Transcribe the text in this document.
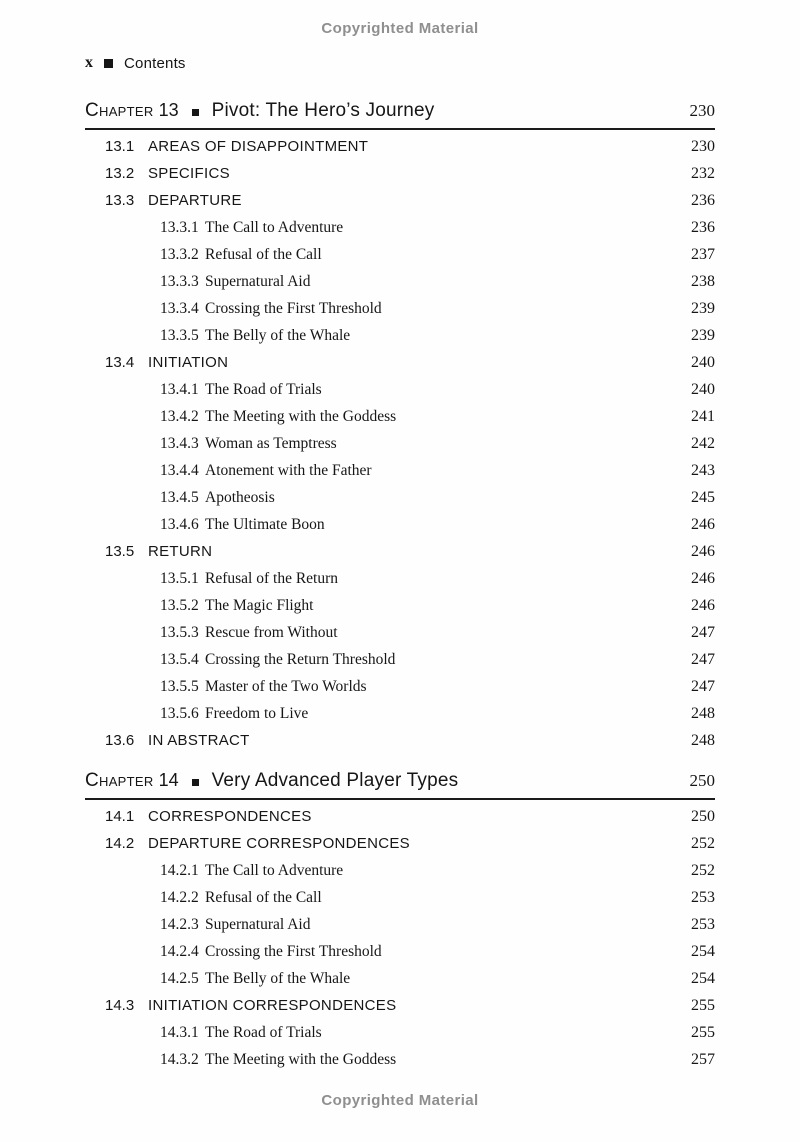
Copyrighted Material
x Contents
Chapter 13 Pivot: The Hero’s Journey	230
13.1 AREAS OF DISAPPOINTMENT	230
13.2 SPECIFICS	232
13.3 DEPARTURE	236
13.3.1 The Call to Adventure	236
13.3.2 Refusal of the Call	237
13.3.3 Supernatural Aid	238
13.3.4 Crossing the First Threshold	239
13.3.5 The Belly of the Whale	239
13.4 INITIATION	240
13.4.1 The Road of Trials	240
13.4.2 The Meeting with the Goddess	241
13.4.3 Woman as Temptress	242
13.4.4 Atonement with the Father	243
13.4.5 Apotheosis	245
13.4.6 The Ultimate Boon	246
13.5 RETURN	246
13.5.1 Refusal of the Return	246
13.5.2 The Magic Flight	246
13.5.3 Rescue from Without	247
13.5.4 Crossing the Return Threshold	247
13.5.5 Master of the Two Worlds	247
13.5.6 Freedom to Live	248
13.6 IN ABSTRACT	248
Chapter 14 Very Advanced Player Types	250
14.1 CORRESPONDENCES	250
14.2 DEPARTURE CORRESPONDENCES	252
14.2.1 The Call to Adventure	252
14.2.2 Refusal of the Call	253
14.2.3 Supernatural Aid	253
14.2.4 Crossing the First Threshold	254
14.2.5 The Belly of the Whale	254
14.3 INITIATION CORRESPONDENCES	255
14.3.1 The Road of Trials	255
14.3.2 The Meeting with the Goddess	257
Copyrighted Material
